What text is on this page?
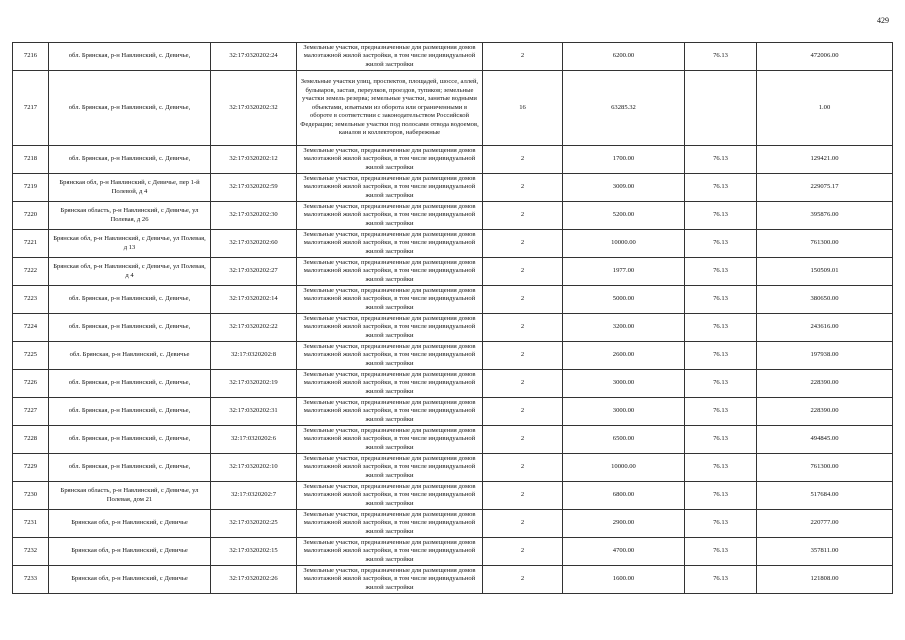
429
7216	обл. Брянская, р-н Навлинский, с. Девичье,	32:17:0320202:24	Земельные участки, предназначенные для размещения домов малоэтажной жилой застройки, в том числе индивидуальной жилой застройки	2	6200.00	76.13	472006.00
7217	обл. Брянская, р-н Навлинский, с. Девичье,	32:17:0320202:32	Земельные участки улиц, проспектов, площадей, шоссе, аллей, бульваров, застав, переулков, проездов, тупиков; земельные участки земель резерва; земельные участки, занятые водными объектами, изъятыми из оборота или ограниченными в обороте в соответствии с законодательством Российской Федерации; земельные участки под полосами отвода водоемов, каналов и коллекторов, набережные	16	63285.32		1.00
7218	обл. Брянская, р-н Навлинский, с. Девичье,	32:17:0320202:12	Земельные участки, предназначенные для размещения домов малоэтажной жилой застройки, в том числе индивидуальной жилой застройки	2	1700.00	76.13	129421.00
7219	Брянская обл, р-н Навлинский, с Девичье, пер 1-й Полевой, д 4	32:17:0320202:59	Земельные участки, предназначенные для размещения домов малоэтажной жилой застройки, в том числе индивидуальной жилой застройки	2	3009.00	76.13	229075.17
7220	Брянская область, р-н Навлинский, с Девичье, ул Полевая, д 26	32:17:0320202:30	Земельные участки, предназначенные для размещения домов малоэтажной жилой застройки, в том числе индивидуальной жилой застройки	2	5200.00	76.13	395876.00
7221	Брянская обл, р-н Навлинский, с Девичье, ул Полевая, д 13	32:17:0320202:60	Земельные участки, предназначенные для размещения домов малоэтажной жилой застройки, в том числе индивидуальной жилой застройки	2	10000.00	76.13	761300.00
7222	Брянская обл, р-н Навлинский, с Девичье, ул Полевая, д 4	32:17:0320202:27	Земельные участки, предназначенные для размещения домов малоэтажной жилой застройки, в том числе индивидуальной жилой застройки	2	1977.00	76.13	150509.01
7223	обл. Брянская, р-н Навлинский, с. Девичье,	32:17:0320202:14	Земельные участки, предназначенные для размещения домов малоэтажной жилой застройки, в том числе индивидуальной жилой застройки	2	5000.00	76.13	380650.00
7224	обл. Брянская, р-н Навлинский, с. Девичье,	32:17:0320202:22	Земельные участки, предназначенные для размещения домов малоэтажной жилой застройки, в том числе индивидуальной жилой застройки	2	3200.00	76.13	243616.00
7225	обл. Брянская, р-н Навлинский, с. Девичье	32:17:0320202:8	Земельные участки, предназначенные для размещения домов малоэтажной жилой застройки, в том числе индивидуальной жилой застройки	2	2600.00	76.13	197938.00
7226	обл. Брянская, р-н Навлинский, с. Девичье,	32:17:0320202:19	Земельные участки, предназначенные для размещения домов малоэтажной жилой застройки, в том числе индивидуальной жилой застройки	2	3000.00	76.13	228390.00
7227	обл. Брянская, р-н Навлинский, с. Девичье,	32:17:0320202:31	Земельные участки, предназначенные для размещения домов малоэтажной жилой застройки, в том числе индивидуальной жилой застройки	2	3000.00	76.13	228390.00
7228	обл. Брянская, р-н Навлинский, с. Девичье,	32:17:0320202:6	Земельные участки, предназначенные для размещения домов малоэтажной жилой застройки, в том числе индивидуальной жилой застройки	2	6500.00	76.13	494845.00
7229	обл. Брянская, р-н Навлинский, с. Девичье,	32:17:0320202:10	Земельные участки, предназначенные для размещения домов малоэтажной жилой застройки, в том числе индивидуальной жилой застройки	2	10000.00	76.13	761300.00
7230	Брянская область, р-н Навлинский, с Девичье, ул Полевая, дом 21	32:17:0320202:7	Земельные участки, предназначенные для размещения домов малоэтажной жилой застройки, в том числе индивидуальной жилой застройки	2	6800.00	76.13	517684.00
7231	Брянская обл, р-н Навлинский, с Девичье	32:17:0320202:25	Земельные участки, предназначенные для размещения домов малоэтажной жилой застройки, в том числе индивидуальной жилой застройки	2	2900.00	76.13	220777.00
7232	Брянская обл, р-н Навлинский, с Девичье	32:17:0320202:15	Земельные участки, предназначенные для размещения домов малоэтажной жилой застройки, в том числе индивидуальной жилой застройки	2	4700.00	76.13	357811.00
7233	Брянская обл, р-н Навлинский, с Девичье	32:17:0320202:26	Земельные участки, предназначенные для размещения домов малоэтажной жилой застройки, в том числе индивидуальной жилой застройки	2	1600.00	76.13	121808.00
